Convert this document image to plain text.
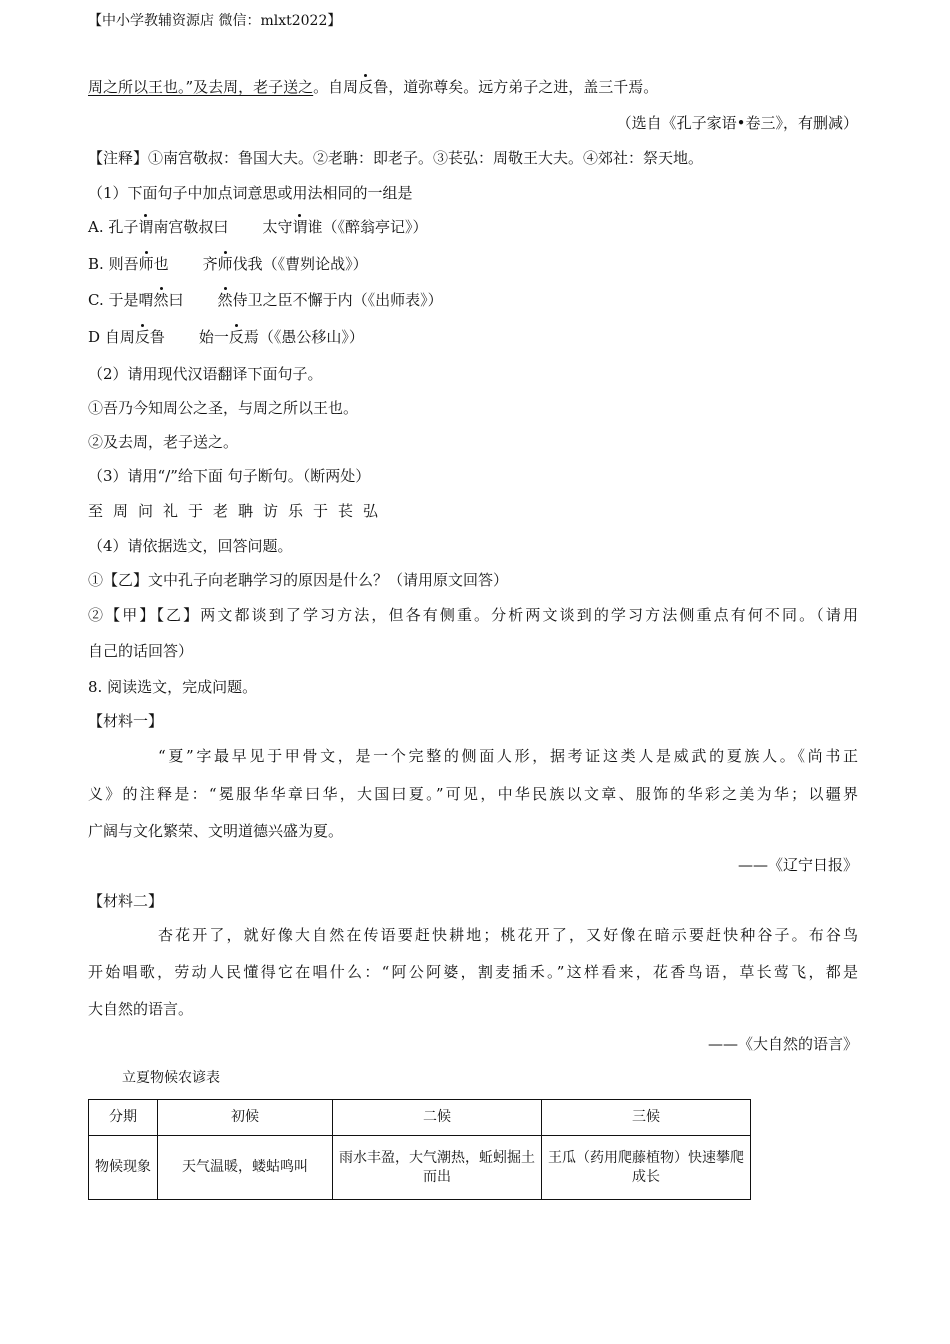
【中小学教辅资源店 微信：mlxt2022】
周之所以王也。”及去周，老子送之。自周反鲁，道弥尊矣。远方弟子之进，盖三千焉。
（选自《孔子家语•卷三》，有删减）
【注释】①南宫敬叔：鲁国大夫。②老聃：即老子。③苌弘：周敬王大夫。④郊社：祭天地。
（1）下面句子中加点词意思或用法相同的一组是
A. 孔子谓南宫敬叔曰 太守谓谁（《醉翁亭记》）
B. 则吾师也 齐师伐我（《曹刿论战》）
C. 于是喟然曰 然侍卫之臣不懈于内（《出师表》）
D 自周反鲁 始一反焉（《愚公移山》）
（2）请用现代汉语翻译下面句子。
①吾乃今知周公之圣，与周之所以王也。
②及去周，老子送之。
（3）请用“/”给下面 句子断句。（断两处）
至周问礼于老聃访乐于苌弘
（4）请依据选文，回答问题。
①【乙】文中孔子向老聃学习的原因是什么？（请用原文回答）
②【甲】【乙】两文都谈到了学习方法，但各有侧重。分析两文谈到的学习方法侧重点有何不同。（请用
自己的话回答）
8. 阅读选文，完成问题。
【材料一】
“夏”字最早见于甲骨文，是一个完整的侧面人形，据考证这类人是威武的夏族人。《尚书正
义》的注释是：“冕服华华章曰华，大国曰夏。”可见，中华民族以文章、服饰的华彩之美为华；以疆界
广阔与文化繁荣、文明道德兴盛为夏。
——《辽宁日报》
【材料二】
杏花开了，就好像大自然在传语要赶快耕地；桃花开了，又好像在暗示要赶快种谷子。布谷鸟
开始唱歌，劳动人民懂得它在唱什么：“阿公阿婆，割麦插禾。”这样看来，花香鸟语，草长莺飞，都是
大自然的语言。
——《大自然的语言》
立夏物候农谚表
分期	初候	二候	三候
物候现象	天气温暖，蝼蛄鸣叫	雨水丰盈，大气潮热，蚯蚓掘土而出	王瓜（药用爬藤植物）快速攀爬成长
